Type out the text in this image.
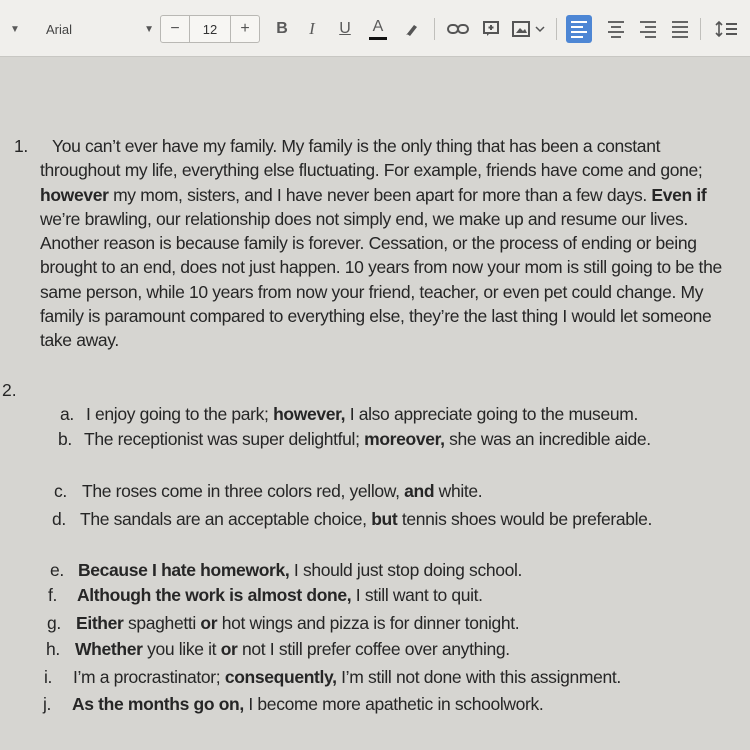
▼	Arial	▼	−	12	+	B	I	U	A
1.	You can’t ever have my family. My family is the only thing that has been a constant throughout my life, everything else fluctuating. For example, friends have come and gone; however my mom, sisters, and I have never been apart for more than a few days. Even if we’re brawling, our relationship does not simply end, we make up and resume our lives. Another reason is because family is forever. Cessation, or the process of ending or being brought to an end, does not just happen. 10 years from now your mom is still going to be the same person, while 10 years from now your friend, teacher, or even pet could change. My family is paramount compared to everything else, they’re the last thing I would let someone take away.
2.
a. I enjoy going to the park; however, I also appreciate going to the museum.
b. The receptionist was super delightful; moreover, she was an incredible aide.
c. The roses come in three colors red, yellow, and white.
d. The sandals are an acceptable choice, but tennis shoes would be preferable.
e. Because I hate homework, I should just stop doing school.
f. Although the work is almost done, I still want to quit.
g. Either spaghetti or hot wings and pizza is for dinner tonight.
h. Whether you like it or not I still prefer coffee over anything.
i. I’m a procrastinator; consequently, I’m still not done with this assignment.
j. As the months go on, I become more apathetic in schoolwork.
